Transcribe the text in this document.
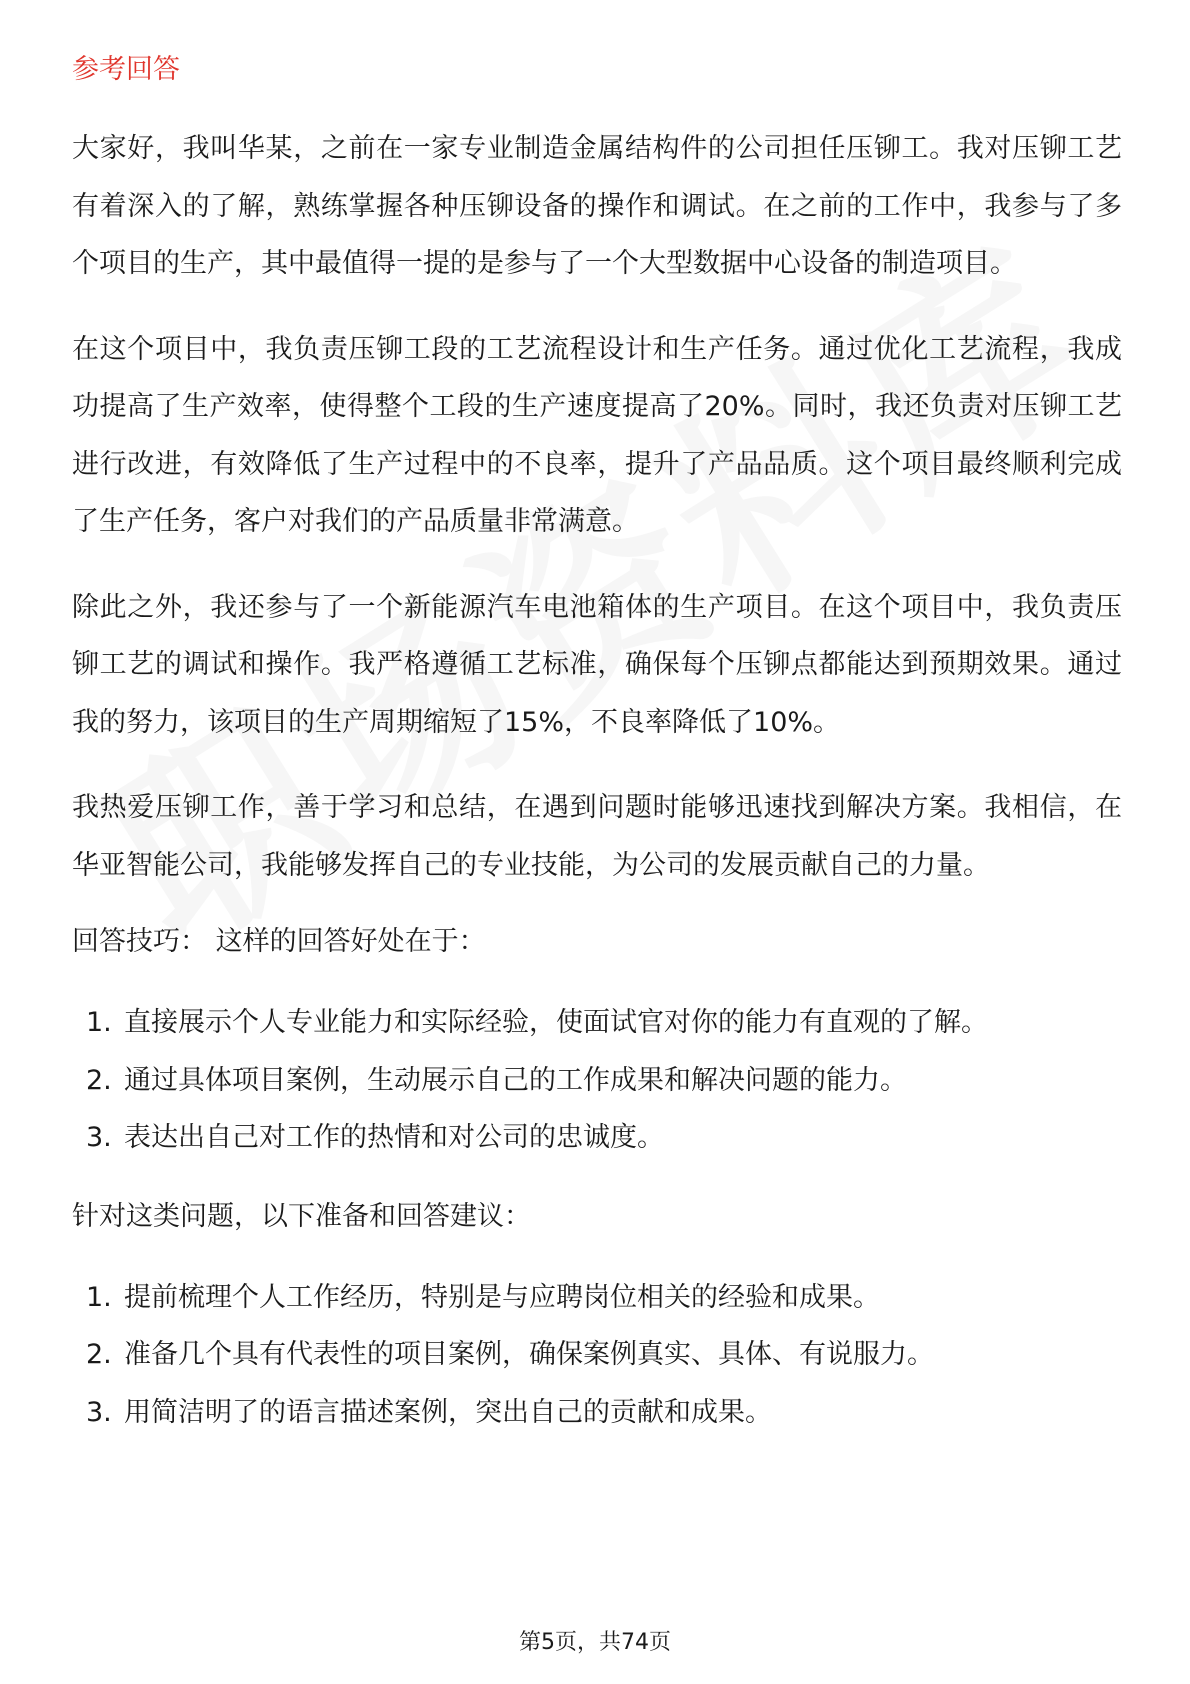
参考回答

大家好，我叫华某，之前在一家专业制造金属结构件的公司担任压铆工。我对压铆工艺有着深入的了解，熟练掌握各种压铆设备的操作和调试。在之前的工作中，我参与了多个项目的生产，其中最值得一提的是参与了一个大型数据中心设备的制造项目。

在这个项目中，我负责压铆工段的工艺流程设计和生产任务。通过优化工艺流程，我成功提高了生产效率，使得整个工段的生产速度提高了20%。同时，我还负责对压铆工艺进行改进，有效降低了生产过程中的不良率，提升了产品品质。这个项目最终顺利完成了生产任务，客户对我们的产品质量非常满意。

除此之外，我还参与了一个新能源汽车电池箱体的生产项目。在这个项目中，我负责压铆工艺的调试和操作。我严格遵循工艺标准，确保每个压铆点都能达到预期效果。通过我的努力，该项目的生产周期缩短了15%，不良率降低了10%。

我热爱压铆工作，善于学习和总结，在遇到问题时能够迅速找到解决方案。我相信，在华亚智能公司，我能够发挥自己的专业技能，为公司的发展贡献自己的力量。

回答技巧： 这样的回答好处在于：
1. 直接展示个人专业能力和实际经验，使面试官对你的能力有直观的了解。
2. 通过具体项目案例，生动展示自己的工作成果和解决问题的能力。
3. 表达出自己对工作的热情和对公司的忠诚度。
针对这类问题，以下准备和回答建议：
1. 提前梳理个人工作经历，特别是与应聘岗位相关的经验和成果。
2. 准备几个具有代表性的项目案例，确保案例真实、具体、有说服力。
3. 用简洁明了的语言描述案例，突出自己的贡献和成果。
第5页，共74页
